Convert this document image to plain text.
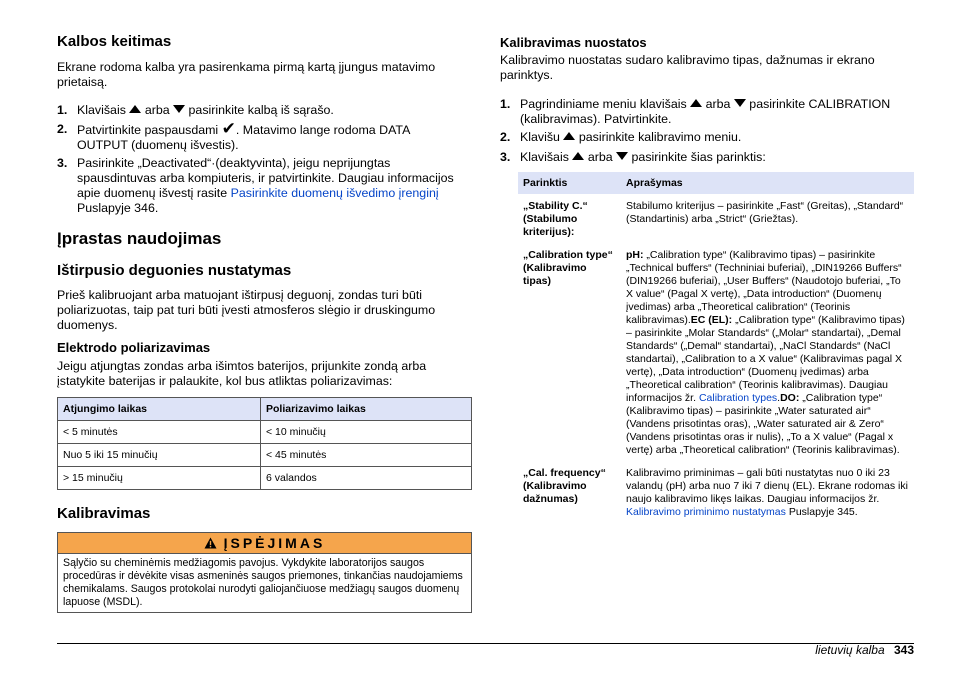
Kalbos keitimas

Ekrane rodoma kalba yra pasirenkama pirmą kartą įjungus matavimo prietaisą.

1. Klavišais arba pasirinkite kalbą iš sąrašo.
2. Patvirtinkite paspausdami ✔. Matavimo lange rodoma DATA OUTPUT (duomenų išvestis).
3. Pasirinkite „Deactivated“·(deaktyvinta), jeigu neprijungtas spausdintuvas arba kompiuteris, ir patvirtinkite. Daugiau informacijos apie duomenų išvestį rasite Pasirinkite duomenų išvedimo įrenginį Puslapyje 346.
Įprastas naudojimas
Ištirpusio deguonies nustatymas

Prieš kalibruojant arba matuojant ištirpusį deguonį, zondas turi būti poliarizuotas, taip pat turi būti įvesti atmosferos slėgio ir druskingumo duomenys.

Elektrodo poliarizavimas

Jeigu atjungtas zondas arba išimtos baterijos, prijunkite zondą arba įstatykite baterijas ir palaukite, kol bus atliktas poliarizavimas:

Atjungimo laikas	Poliarizavimo laikas
< 5 minutės	< 10 minučių
Nuo 5 iki 15 minučių	< 45 minutės
> 15 minučių	6 valandos
Kalibravimas
ĮSPĖJIMAS
Sąlyčio su cheminėmis medžiagomis pavojus. Vykdykite laboratorijos saugos procedūras ir dėvėkite visas asmeninės saugos priemones, tinkančias naudojamiems chemikalams. Saugos protokolai nurodyti galiojančiuose medžiagų saugos duomenų lapuose (MSDL).
Kalibravimas nuostatos

Kalibravimo nuostatas sudaro kalibravimo tipas, dažnumas ir ekrano parinktys.

1. Pagrindiniame meniu klavišais arba pasirinkite CALIBRATION (kalibravimas). Patvirtinkite.
2. Klavišu pasirinkite kalibravimo meniu.
3. Klavišais arba pasirinkite šias parinktis:
Parinktis	Aprašymas
„Stability C.“ (Stabilumo kriterijus):	Stabilumo kriterijus – pasirinkite „Fast“ (Greitas), „Standard“ (Standartinis) arba „Strict“ (Griežtas).
„Calibration type“ (Kalibravimo tipas)	pH: „Calibration type“ (Kalibravimo tipas) – pasirinkite „Technical buffers“ (Techniniai buferiai), „DIN19266 Buffers“ (DIN19266 buferiai), „User Buffers“ (Naudotojo buferiai, „To X value“ (Pagal X vertę), „Data introduction“ (Duomenų įvedimas) arba „Theoretical calibration“ (Teorinis kalibravimas).EC (EL): „Calibration type“ (Kalibravimo tipas) – pasirinkite „Molar Standards“ („Molar“ standartai), „Demal Standards“ („Demal“ standartai), „NaCl Standards“ (NaCl standartai), „Calibration to a X value“ (Kalibravimas pagal X vertę), „Data introduction“ (Duomenų įvedimas) arba „Theoretical calibration“ (Teorinis kalibravimas). Daugiau informacijos žr. Calibration types.DO: „Calibration type“ (Kalibravimo tipas) – pasirinkite „Water saturated air“ (Vandens prisotintas oras), „Water saturated air & Zero“ (Vandens prisotintas oras ir nulis), „To a X value“ (Pagal x vertę) arba „Theoretical calibration“ (Teorinis kalibravimas).
„Cal. frequency“ (Kalibravimo dažnumas)	Kalibravimo priminimas – gali būti nustatytas nuo 0 iki 23 valandų (pH) arba nuo 7 iki 7 dienų (EL). Ekrane rodomas iki naujo kalibravimo likęs laikas. Daugiau informacijos žr. Kalibravimo priminimo nustatymas Puslapyje 345.
lietuvių kalba 343
